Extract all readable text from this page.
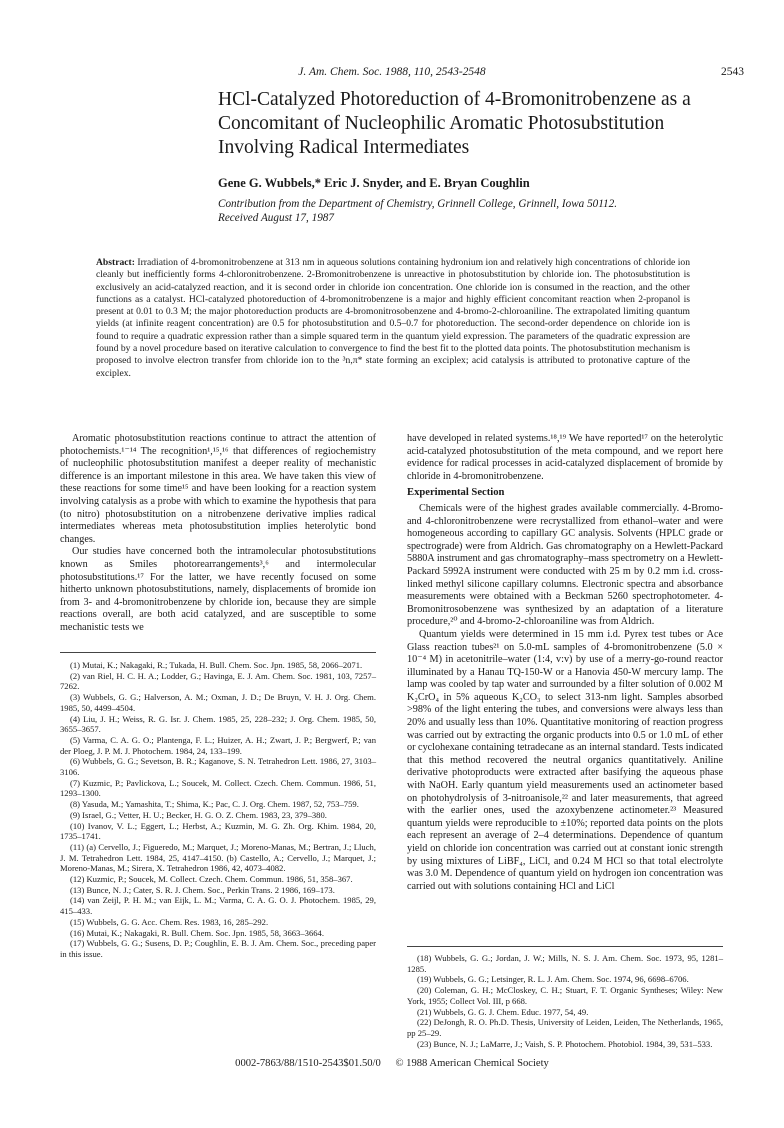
J. Am. Chem. Soc. 1988, 110, 2543-2548	2543
HCl-Catalyzed Photoreduction of 4-Bromonitrobenzene as a Concomitant of Nucleophilic Aromatic Photosubstitution Involving Radical Intermediates
Gene G. Wubbels,* Eric J. Snyder, and E. Bryan Coughlin
Contribution from the Department of Chemistry, Grinnell College, Grinnell, Iowa 50112.
Received August 17, 1987
Abstract: Irradiation of 4-bromonitrobenzene at 313 nm in aqueous solutions containing hydronium ion and relatively high concentrations of chloride ion cleanly but inefficiently forms 4-chloronitrobenzene. 2-Bromonitrobenzene is unreactive in photosubstitution by chloride ion. The photosubstitution is exclusively an acid-catalyzed reaction, and it is second order in chloride ion concentration. One chloride ion is consumed in the reaction, and the other functions as a catalyst. HCl-catalyzed photoreduction of 4-bromonitrobenzene is a major and highly efficient concomitant reaction when 2-propanol is present at 0.01 to 0.3 M; the major photoreduction products are 4-bromonitrosobenzene and 4-bromo-2-chloroaniline. The extrapolated limiting quantum yields (at infinite reagent concentration) are 0.5 for photosubstitution and 0.5–0.7 for photoreduction. The second-order dependence on chloride ion is found to require a quadratic expression rather than a simple squared term in the quantum yield expression. The parameters of the quadratic expression are found by a novel procedure based on iterative calculation to convergence to find the best fit to the plotted data points. The photosubstitution mechanism is proposed to involve electron transfer from chloride ion to the ³n,π* state forming an exciplex; acid catalysis is attributed to protonative capture of the exciplex.

Aromatic photosubstitution reactions continue to attract the attention of photochemists.¹⁻¹⁴ The recognition¹,¹⁵,¹⁶ that differences of regiochemistry of nucleophilic photosubstitution manifest a deeper reality of mechanistic difference is an important milestone in this area. We have taken this view of these reactions for some time¹⁵ and have been looking for a reaction system involving catalysis as a probe with which to examine the hypothesis that para (to nitro) photosubstitution on a nitrobenzene derivative implies radical intermediates whereas meta photosubstitution implies heterolytic bond changes.

Our studies have concerned both the intramolecular photosubstitutions known as Smiles photorearrangements³,⁶ and intermolecular photosubstitutions.¹⁷ For the latter, we have recently focused on some hitherto unknown photosubstitutions, namely, displacements of bromide ion from 3- and 4-bromonitrobenzene by chloride ion, because they are simple reactions overall, are both acid catalyzed, and are susceptible to some mechanistic tests we

(1) Mutai, K.; Nakagaki, R.; Tukada, H. Bull. Chem. Soc. Jpn. 1985, 58, 2066–2071.

(2) van Riel, H. C. H. A.; Lodder, G.; Havinga, E. J. Am. Chem. Soc. 1981, 103, 7257–7262.

(3) Wubbels, G. G.; Halverson, A. M.; Oxman, J. D.; De Bruyn, V. H. J. Org. Chem. 1985, 50, 4499–4504.

(4) Liu, J. H.; Weiss, R. G. Isr. J. Chem. 1985, 25, 228–232; J. Org. Chem. 1985, 50, 3655–3657.

(5) Varma, C. A. G. O.; Plantenga, F. L.; Huizer, A. H.; Zwart, J. P.; Bergwerf, P.; van der Ploeg, J. P. M. J. Photochem. 1984, 24, 133–199.

(6) Wubbels, G. G.; Sevetson, B. R.; Kaganove, S. N. Tetrahedron Lett. 1986, 27, 3103–3106.

(7) Kuzmic, P.; Pavlickova, L.; Soucek, M. Collect. Czech. Chem. Commun. 1986, 51, 1293–1300.

(8) Yasuda, M.; Yamashita, T.; Shima, K.; Pac, C. J. Org. Chem. 1987, 52, 753–759.

(9) Israel, G.; Vetter, H. U.; Becker, H. G. O. Z. Chem. 1983, 23, 379–380.

(10) Ivanov, V. L.; Eggert, L.; Herbst, A.; Kuzmin, M. G. Zh. Org. Khim. 1984, 20, 1735–1741.

(11) (a) Cervello, J.; Figueredo, M.; Marquet, J.; Moreno-Manas, M.; Bertran, J.; Lluch, J. M. Tetrahedron Lett. 1984, 25, 4147–4150. (b) Castello, A.; Cervello, J.; Marquet, J.; Moreno-Manas, M.; Sirera, X. Tetrahedron 1986, 42, 4073–4082.

(12) Kuzmic, P.; Soucek, M. Collect. Czech. Chem. Commun. 1986, 51, 358–367.

(13) Bunce, N. J.; Cater, S. R. J. Chem. Soc., Perkin Trans. 2 1986, 169–173.

(14) van Zeijl, P. H. M.; van Eijk, L. M.; Varma, C. A. G. O. J. Photochem. 1985, 29, 415–433.

(15) Wubbels, G. G. Acc. Chem. Res. 1983, 16, 285–292.

(16) Mutai, K.; Nakagaki, R. Bull. Chem. Soc. Jpn. 1985, 58, 3663–3664.

(17) Wubbels, G. G.; Susens, D. P.; Coughlin, E. B. J. Am. Chem. Soc., preceding paper in this issue.

have developed in related systems.¹⁸,¹⁹ We have reported¹⁷ on the heterolytic acid-catalyzed photosubstitution of the meta compound, and we report here evidence for radical processes in acid-catalyzed displacement of bromide by chloride in 4-bromonitrobenzene.

Experimental Section

Chemicals were of the highest grades available commercially. 4-Bromo- and 4-chloronitrobenzene were recrystallized from ethanol–water and were homogeneous according to capillary GC analysis. Solvents (HPLC grade or spectrograde) were from Aldrich. Gas chromatography on a Hewlett-Packard 5880A instrument and gas chromatography–mass spectrometry on a Hewlett-Packard 5992A instrument were conducted with 25 m by 0.2 mm i.d. cross-linked methyl silicone capillary columns. Electronic spectra and absorbance measurements were obtained with a Beckman 5260 spectrophotometer. 4-Bromonitrosobenzene was synthesized by an adaptation of a literature procedure,²⁰ and 4-bromo-2-chloroaniline was from Aldrich.

Quantum yields were determined in 15 mm i.d. Pyrex test tubes or Ace Glass reaction tubes²¹ on 5.0-mL samples of 4-bromonitrobenzene (5.0 × 10⁻⁴ M) in acetonitrile–water (1:4, v:v) by use of a merry-go-round reactor illuminated by a Hanau TQ-150-W or a Hanovia 450-W mercury lamp. The lamp was cooled by tap water and surrounded by a filter solution of 0.002 M K₂CrO₄ in 5% aqueous K₂CO₃ to select 313-nm light. Samples absorbed >98% of the light entering the tubes, and conversions were always less than 20% and usually less than 10%. Quantitative monitoring of reaction progress was carried out by extracting the organic products into 0.5 or 1.0 mL of ether or cyclohexane containing tetradecane as an internal standard. Tests indicated that this method recovered the neutral organics quantitatively. Aniline derivative photoproducts were extracted after basifying the aqueous phase with NaOH. Early quantum yield measurements used an actinometer based on photohydrolysis of 3-nitroanisole,²² and later measurements, that agreed with the earlier ones, used the azoxybenzene actinometer.²³ Measured quantum yields were reproducible to ±10%; reported data points on the plots each represent an average of 2–4 determinations. Dependence of quantum yield on chloride ion concentration was carried out at constant ionic strength by using mixtures of LiBF₄, LiCl, and 0.24 M HCl so that total electrolyte was 3.0 M. Dependence of quantum yield on hydrogen ion concentration was carried out with solutions containing HCl and LiCl

(18) Wubbels, G. G.; Jordan, J. W.; Mills, N. S. J. Am. Chem. Soc. 1973, 95, 1281–1285.

(19) Wubbels, G. G.; Letsinger, R. L. J. Am. Chem. Soc. 1974, 96, 6698–6706.

(20) Coleman, G. H.; McCloskey, C. H.; Stuart, F. T. Organic Syntheses; Wiley: New York, 1955; Collect Vol. III, p 668.

(21) Wubbels, G. G. J. Chem. Educ. 1977, 54, 49.

(22) DeJongh, R. O. Ph.D. Thesis, University of Leiden, Leiden, The Netherlands, 1965, pp 25–29.

(23) Bunce, N. J.; LaMarre, J.; Vaish, S. P. Photochem. Photobiol. 1984, 39, 531–533.

0002-7863/88/1510-2543$01.50/0 © 1988 American Chemical Society
